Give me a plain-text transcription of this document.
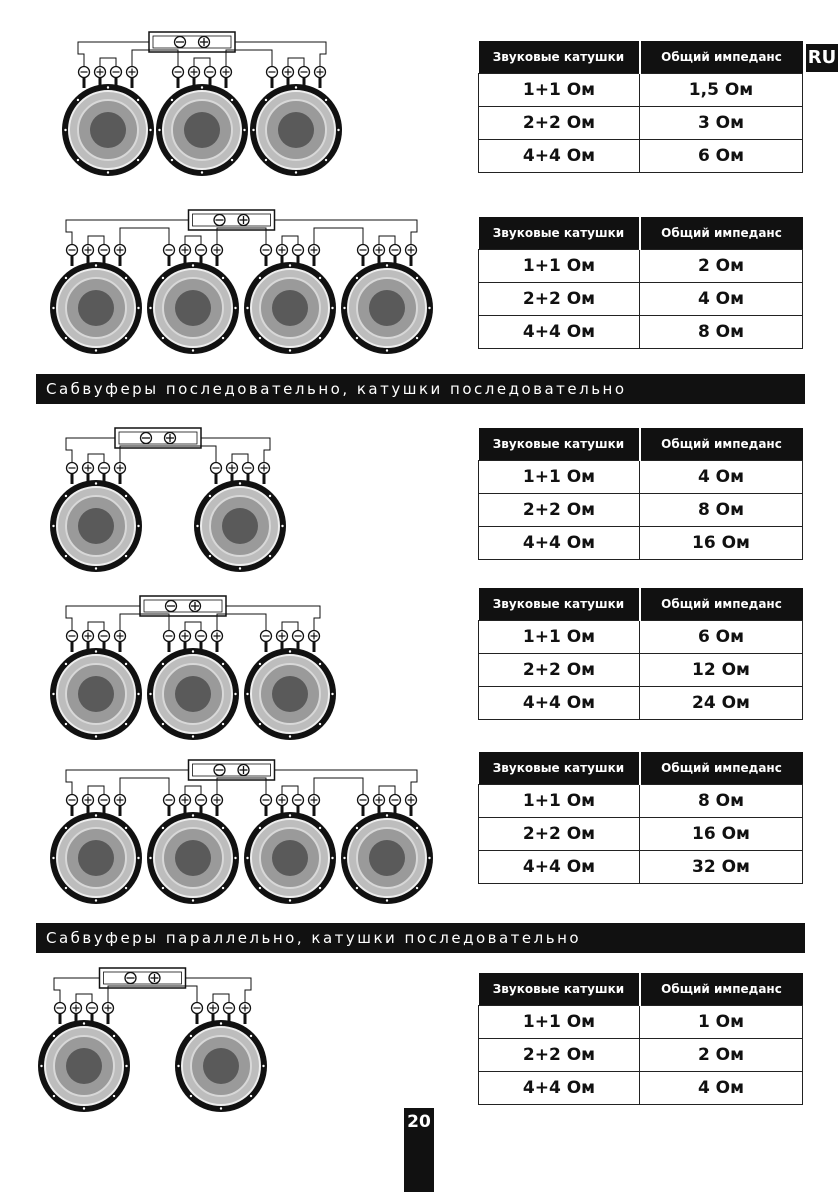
RU
Сабвуферы последовательно, катушки последовательно
Сабвуферы параллельно, катушки последовательно
Звуковые катушки	Общий импеданс
1+1 Ом	1,5 Ом
2+2 Ом	3 Ом
4+4 Ом	6 Ом
Звуковые катушки	Общий импеданс
1+1 Ом	2 Ом
2+2 Ом	4 Ом
4+4 Ом	8 Ом
Звуковые катушки	Общий импеданс
1+1 Ом	4 Ом
2+2 Ом	8 Ом
4+4 Ом	16 Ом
Звуковые катушки	Общий импеданс
1+1 Ом	6 Ом
2+2 Ом	12 Ом
4+4 Ом	24 Ом
Звуковые катушки	Общий импеданс
1+1 Ом	8 Ом
2+2 Ом	16 Ом
4+4 Ом	32 Ом
Звуковые катушки	Общий импеданс
1+1 Ом	1 Ом
2+2 Ом	2 Ом
4+4 Ом	4 Ом
20
